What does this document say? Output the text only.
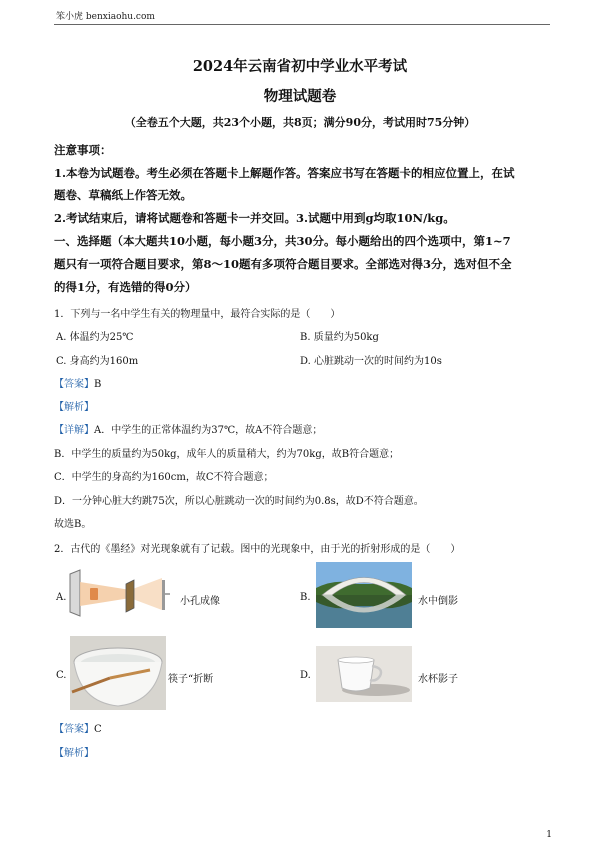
笨小虎 benxiaohu.com
2024年云南省初中学业水平考试
物理试题卷
（全卷五个大题，共23个小题，共8页；满分90分，考试用时75分钟）
注意事项：
1.本卷为试题卷。考生必须在答题卡上解题作答。答案应书写在答题卡的相应位置上，在试
题卷、草稿纸上作答无效。
2.考试结束后，请将试题卷和答题卡一并交回。3.试题中用到g均取10N/kg。
一、选择题（本大题共10小题，每小题3分，共30分。每小题给出的四个选项中，第1~7
题只有一项符合题目要求，第8～10题有多项符合题目要求。全部选对得3分，选对但不全
的得1分，有选错的得0分）
1．下列与一名中学生有关的物理量中，最符合实际的是（　　）
A. 体温约为25℃	B. 质量约为50kg
C. 身高约为160m	D. 心脏跳动一次的时间约为10s
【答案】B
【解析】
【详解】A．中学生的正常体温约为37℃，故A不符合题意；
B．中学生的质量约为50kg，成年人的质量稍大，约为70kg，故B符合题意；
C．中学生的身高约为160cm，故C不符合题意；
D．一分钟心脏大约跳75次，所以心脏跳动一次的时间约为0.8s，故D不符合题意。
故选B。
2．古代的《墨经》对光现象就有了记载。图中的光现象中，由于光的折射形成的是（　　）
A.	小孔成像	B.	水中倒影
C.	筷子“折断	D.	水杯影子
【答案】C
【解析】
1
